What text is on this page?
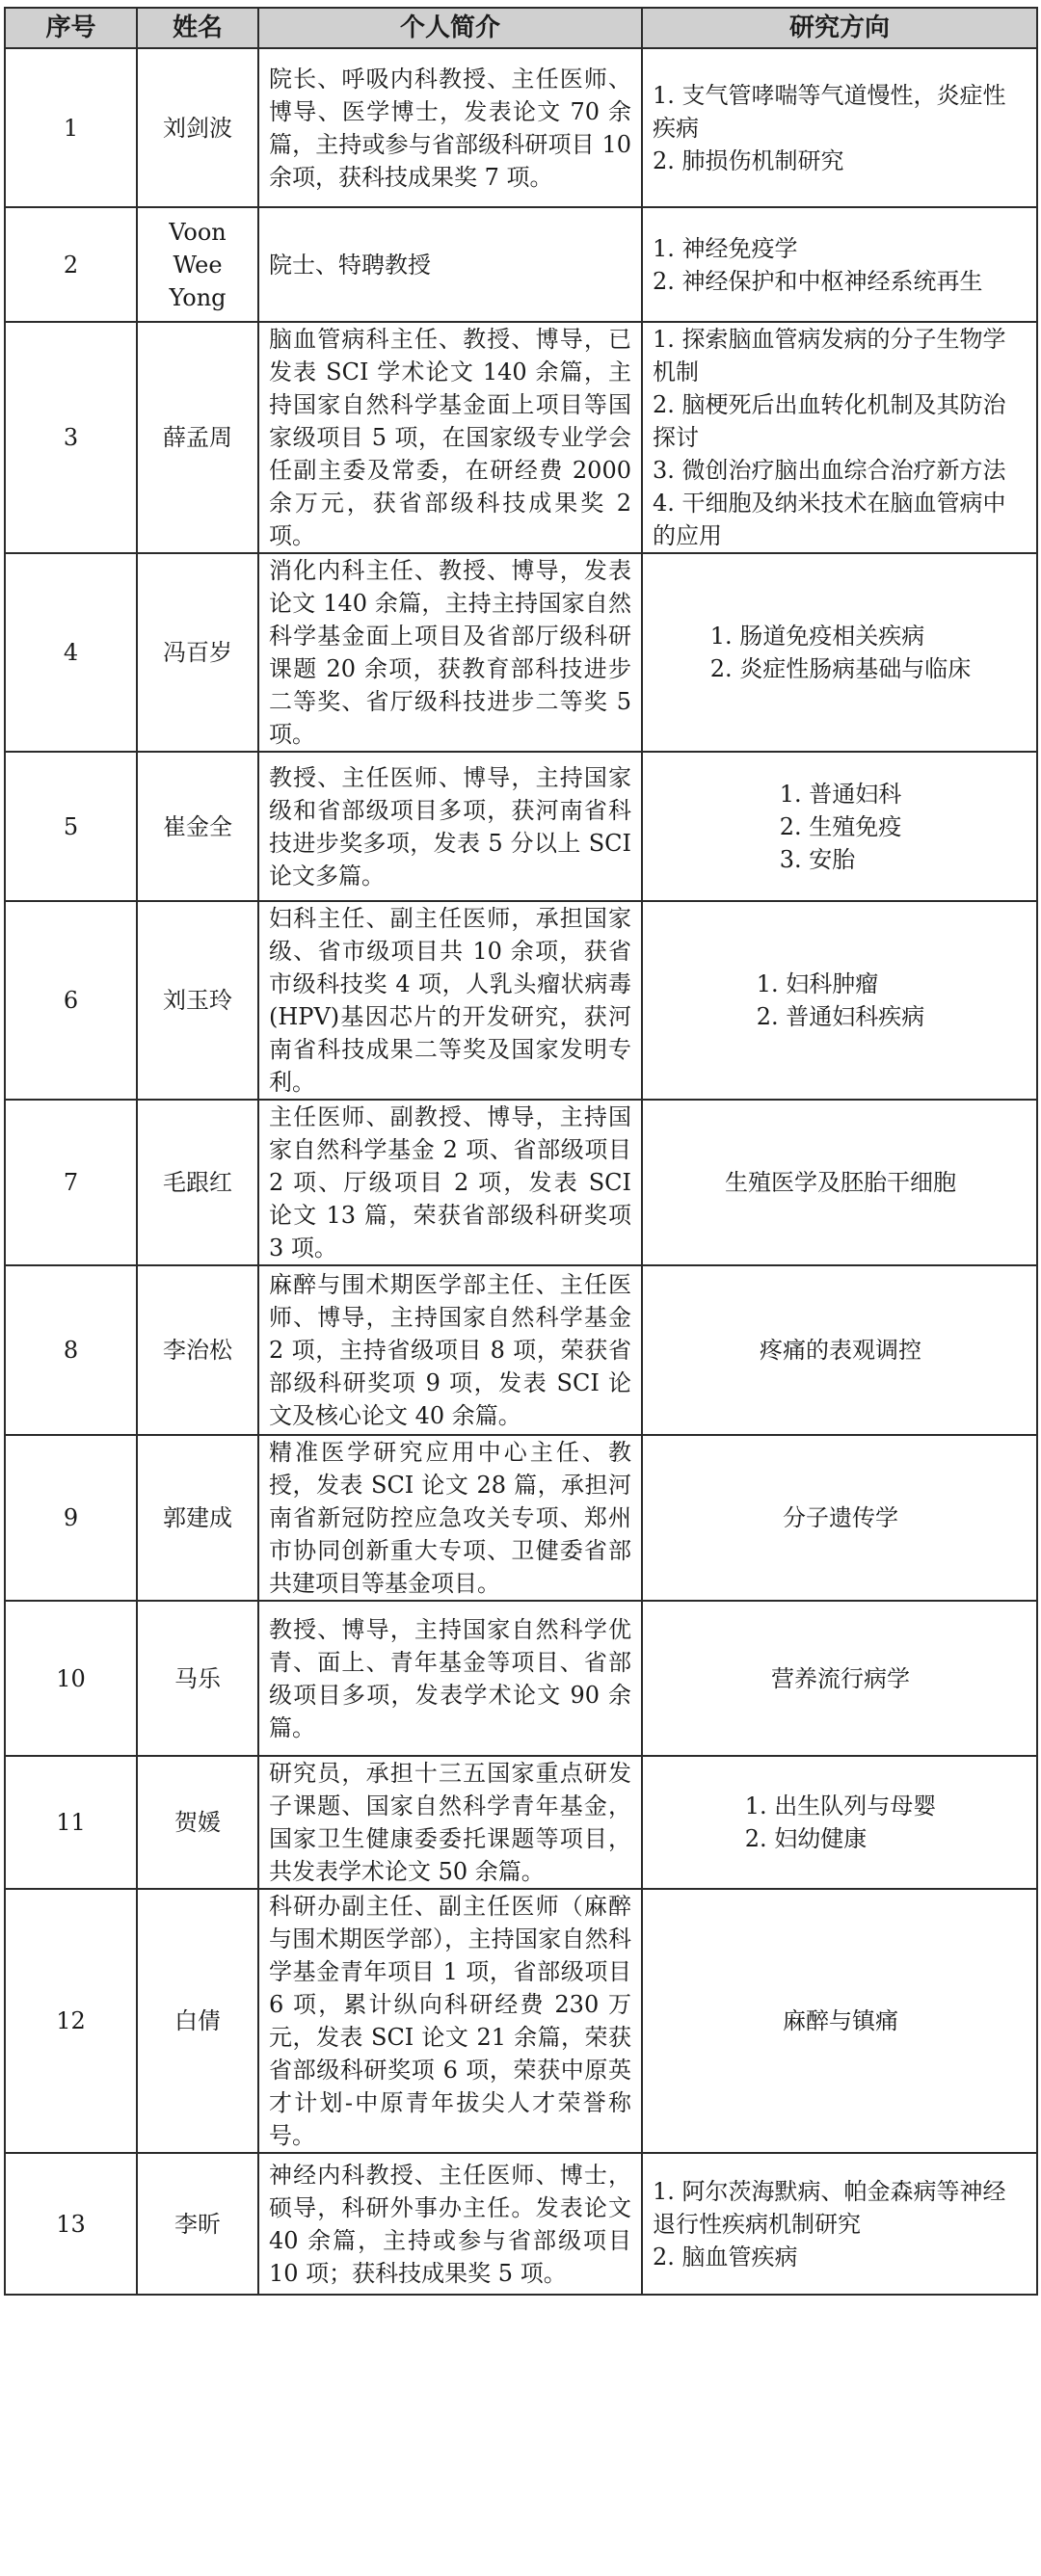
序号	姓名	个人简介	研究方向
1	刘剑波	院长、呼吸内科教授、主任医师、博导、医学博士，发表论文 70 余篇，主持或参与省部级科研项目 10 余项，获科技成果奖 7 项。	1. 支气管哮喘等气道慢性，炎症性疾病
2. 肺损伤机制研究

2	Voon Wee Yong	院士、特聘教授	1. 神经免疫学
2. 神经保护和中枢神经系统再生

3	薛孟周	脑血管病科主任、教授、博导，已发表 SCI 学术论文 140 余篇，主持国家自然科学基金面上项目等国家级项目 5 项，在国家级专业学会任副主委及常委，在研经费 2000 余万元，获省部级科技成果奖 2 项。	1. 探索脑血管病发病的分子生物学机制
2. 脑梗死后出血转化机制及其防治探讨
3. 微创治疗脑出血综合治疗新方法
4. 干细胞及纳米技术在脑血管病中的应用

4	冯百岁	消化内科主任、教授、博导，发表论文 140 余篇，主持主持国家自然科学基金面上项目及省部厅级科研课题 20 余项，获教育部科技进步二等奖、省厅级科技进步二等奖 5 项。	1. 肠道免疫相关疾病
2. 炎症性肠病基础与临床

5	崔金全	教授、主任医师、博导，主持国家级和省部级项目多项，获河南省科技进步奖多项，发表 5 分以上 SCI 论文多篇。	1. 普通妇科
2. 生殖免疫
3. 安胎

6	刘玉玲	妇科主任、副主任医师，承担国家级、省市级项目共 10 余项，获省市级科技奖 4 项，人乳头瘤状病毒(HPV)基因芯片的开发研究，获河南省科技成果二等奖及国家发明专利。	1. 妇科肿瘤
2. 普通妇科疾病

7	毛跟红	主任医师、副教授、博导，主持国家自然科学基金 2 项、省部级项目 2 项、厅级项目 2 项，发表 SCI 论文 13 篇，荣获省部级科研奖项 3 项。	生殖医学及胚胎干细胞

8	李治松	麻醉与围术期医学部主任、主任医师、博导，主持国家自然科学基金 2 项，主持省级项目 8 项，荣获省部级科研奖项 9 项，发表 SCI 论文及核心论文 40 余篇。	疼痛的表观调控

9	郭建成	精准医学研究应用中心主任、教授，发表 SCI 论文 28 篇，承担河南省新冠防控应急攻关专项、郑州市协同创新重大专项、卫健委省部共建项目等基金项目。	分子遗传学

10	马乐	教授、博导，主持国家自然科学优青、面上、青年基金等项目、省部级项目多项，发表学术论文 90 余篇。	营养流行病学

11	贺媛	研究员，承担十三五国家重点研发子课题、国家自然科学青年基金，国家卫生健康委委托课题等项目，共发表学术论文 50 余篇。	1. 出生队列与母婴
2. 妇幼健康

12	白倩	科研办副主任、副主任医师（麻醉与围术期医学部），主持国家自然科学基金青年项目 1 项，省部级项目 6 项，累计纵向科研经费 230 万元，发表 SCI 论文 21 余篇，荣获省部级科研奖项 6 项，荣获中原英才计划-中原青年拔尖人才荣誉称号。	麻醉与镇痛

13	李昕	神经内科教授、主任医师、博士，硕导，科研外事办主任。发表论文 40 余篇，主持或参与省部级项目 10 项；获科技成果奖 5 项。	1. 阿尔茨海默病、帕金森病等神经退行性疾病机制研究
2. 脑血管疾病
